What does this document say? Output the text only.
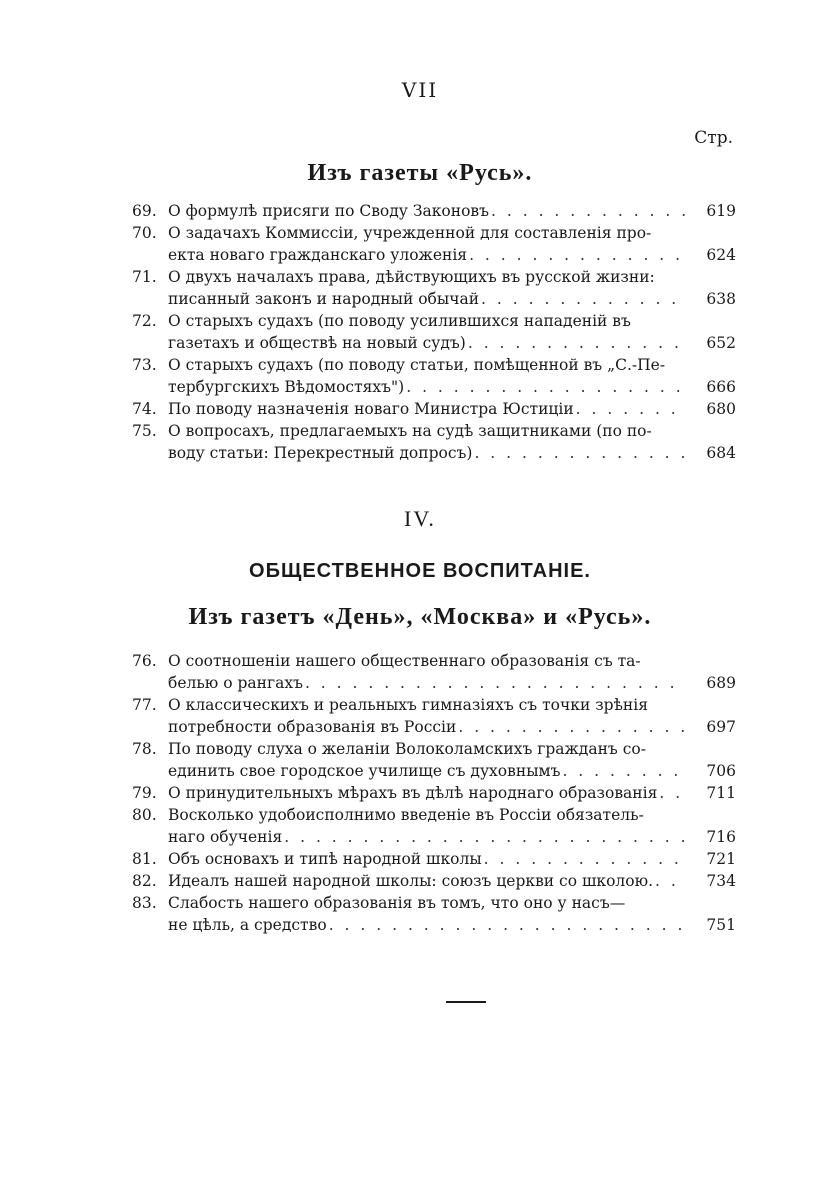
VII
Стр.
Изъ газеты «Русь».
69. О формулѣ присяги по Своду Законовъ . . .	619
70. О задачахъ Коммиссіи, учрежденной для составленія про-
екта новаго гражданскаго уложенія . . .	624
71. О двухъ началахъ права, дѣйствующихъ въ русской жизни:
писанный законъ и народный обычай . . .	638
72. О старыхъ судахъ (по поводу усилившихся нападеній въ
газетахъ и обществѣ на новый судъ) . . .	652
73. О старыхъ судахъ (по поводу статьи, помѣщенной въ „С.-Пе-
тербургскихъ Вѣдомостяхъ") . . .	666
74. По поводу назначенія новаго Министра Юстиціи . . .	680
75. О вопросахъ, предлагаемыхъ на судѣ защитниками (по по-
воду статьи: Перекрестный допросъ) . . .	684
IV.
ОБЩЕСТВЕННОЕ ВОСПИТАНІЕ.
Изъ газетъ «День», «Москва» и «Русь».
76. О соотношеніи нашего общественнаго образованія съ та-
белью о рангахъ . . .	689
77. О классическихъ и реальныхъ гимназіяхъ съ точки зрѣнія
потребности образованія въ Россіи . . .	697
78. По поводу слуха о желаніи Волоколамскихъ гражданъ со-
единить свое городское училище съ духовнымъ . . .	706
79. О принудительныхъ мѣрахъ въ дѣлѣ народнаго образованія . . .	711
80. Восколько удобоисполнимо введеніе въ Россіи обязатель-
наго обученія . . .	716
81. Объ основахъ и типѣ народной школы . . .	721
82. Идеалъ нашей народной школы: союзъ церкви со школою. . . .	734
83. Слабость нашего образованія въ томъ, что оно у насъ—
не цѣль, а средство . . .	751
